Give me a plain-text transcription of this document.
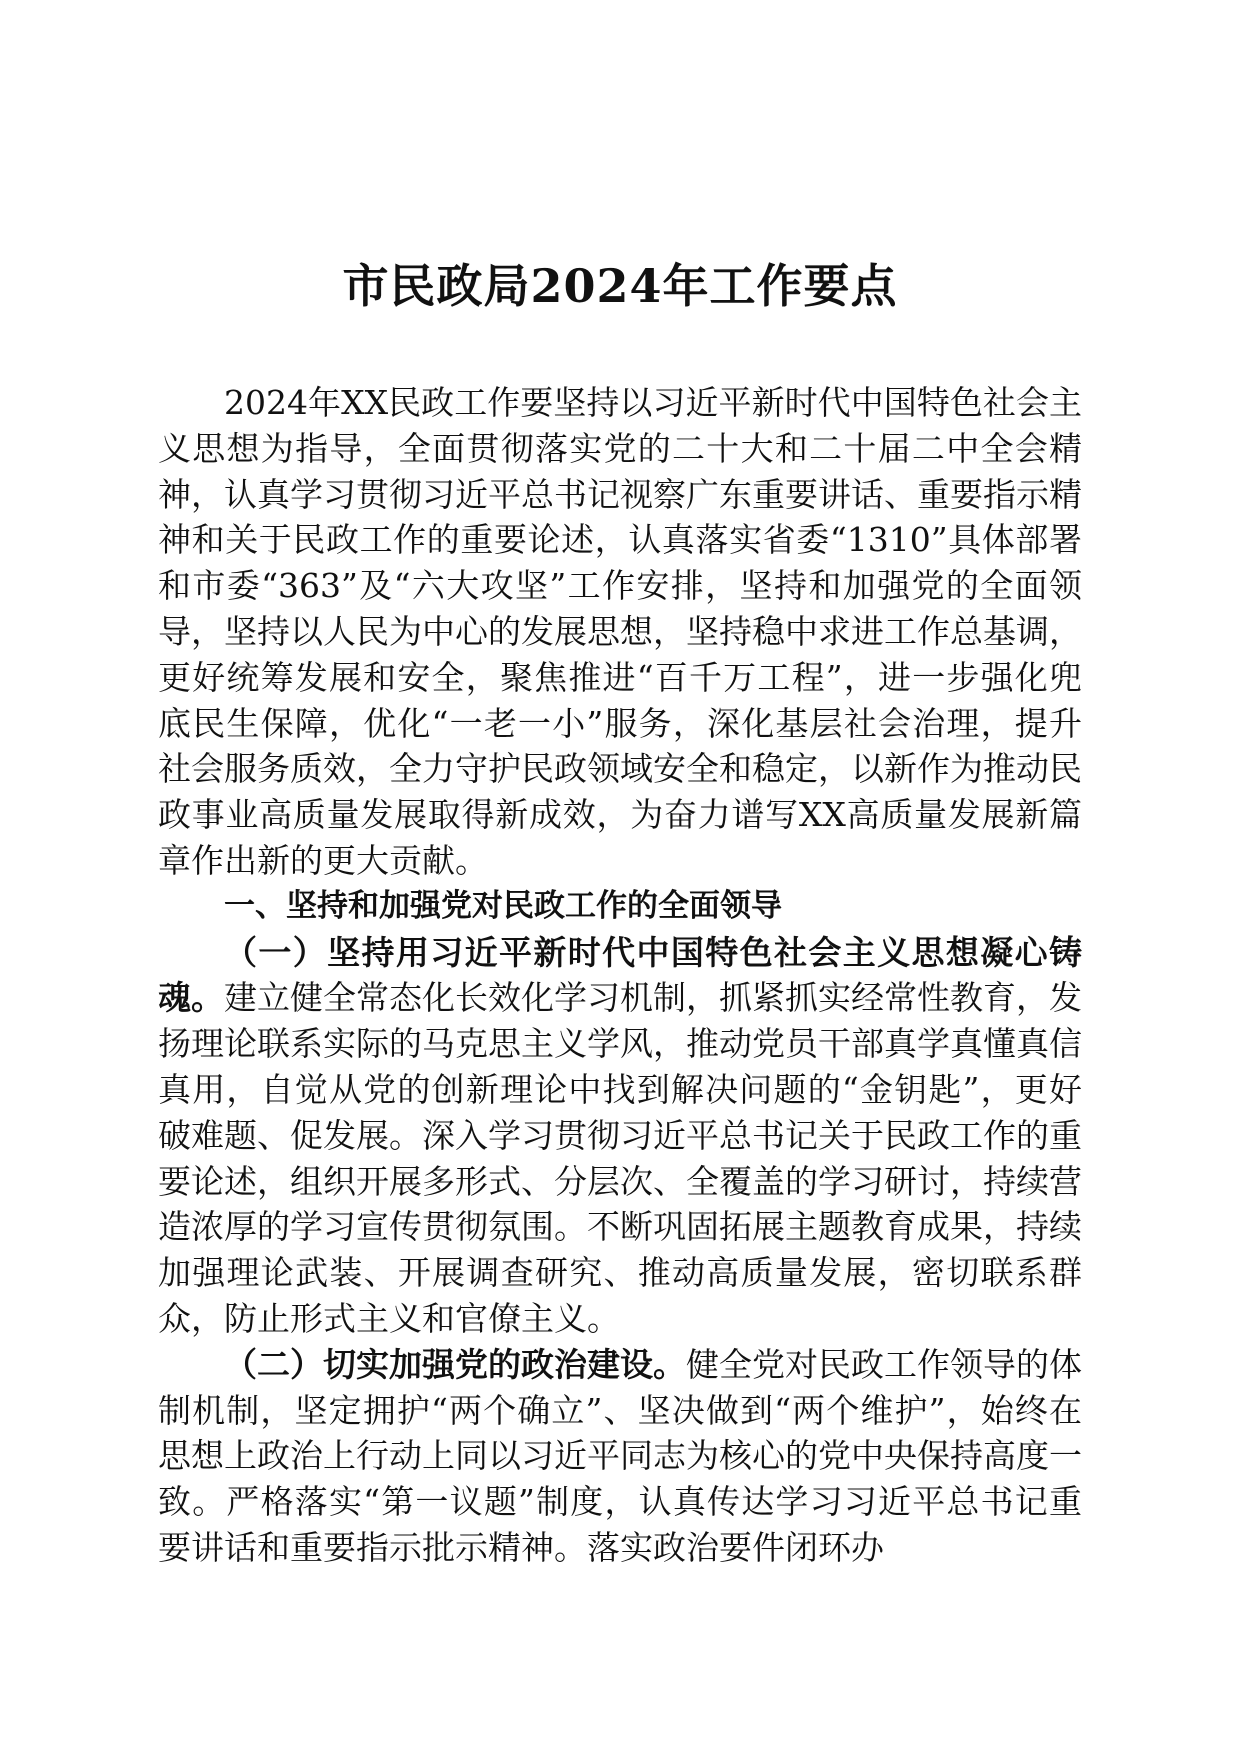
市民政局2024年工作要点

2024年XX民政工作要坚持以习近平新时代中国特色社会主义思想为指导，全面贯彻落实党的二十大和二十届二中全会精神，认真学习贯彻习近平总书记视察广东重要讲话、重要指示精神和关于民政工作的重要论述，认真落实省委“1310”具体部署和市委“363”及“六大攻坚”工作安排，坚持和加强党的全面领导，坚持以人民为中心的发展思想，坚持稳中求进工作总基调，更好统筹发展和安全，聚焦推进“百千万工程”，进一步强化兜底民生保障，优化“一老一小”服务，深化基层社会治理，提升社会服务质效，全力守护民政领域安全和稳定，以新作为推动民政事业高质量发展取得新成效，为奋力谱写XX高质量发展新篇章作出新的更大贡献。

一、坚持和加强党对民政工作的全面领导

（一）坚持用习近平新时代中国特色社会主义思想凝心铸魂。建立健全常态化长效化学习机制，抓紧抓实经常性教育，发扬理论联系实际的马克思主义学风，推动党员干部真学真懂真信真用，自觉从党的创新理论中找到解决问题的“金钥匙”，更好破难题、促发展。深入学习贯彻习近平总书记关于民政工作的重要论述，组织开展多形式、分层次、全覆盖的学习研讨，持续营造浓厚的学习宣传贯彻氛围。不断巩固拓展主题教育成果，持续加强理论武装、开展调查研究、推动高质量发展，密切联系群众，防止形式主义和官僚主义。

（二）切实加强党的政治建设。健全党对民政工作领导的体制机制，坚定拥护“两个确立”、坚决做到“两个维护”，始终在思想上政治上行动上同以习近平同志为核心的党中央保持高度一致。严格落实“第一议题”制度，认真传达学习习近平总书记重要讲话和重要指示批示精神。落实政治要件闭环办
